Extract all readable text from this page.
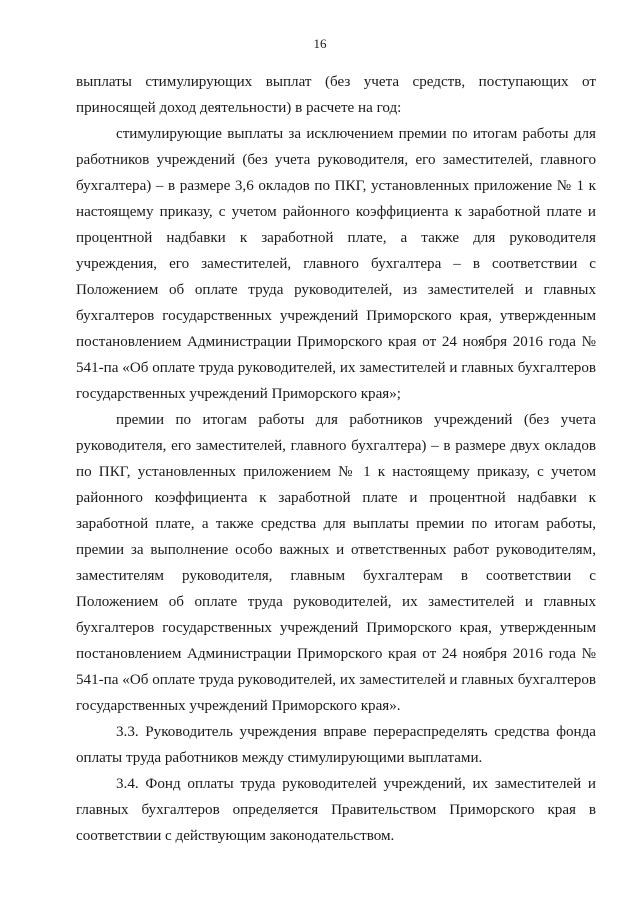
16

выплаты стимулирующих выплат (без учета средств, поступающих от приносящей доход деятельности) в расчете на год:

стимулирующие выплаты за исключением премии по итогам работы для работников учреждений (без учета руководителя, его заместителей, главного бухгалтера) – в размере 3,6 окладов по ПКГ, установленных приложение № 1 к настоящему приказу, с учетом районного коэффициента к заработной плате и процентной надбавки к заработной плате, а также для руководителя учреждения, его заместителей, главного бухгалтера – в соответствии с Положением об оплате труда руководителей, из заместителей и главных бухгалтеров государственных учреждений Приморского края, утвержденным постановлением Администрации Приморского края от 24 ноября 2016 года № 541-па «Об оплате труда руководителей, их заместителей и главных бухгалтеров государственных учреждений Приморского края»;

премии по итогам работы для работников учреждений (без учета руководителя, его заместителей, главного бухгалтера) – в размере двух окладов по ПКГ, установленных приложением № 1 к настоящему приказу, с учетом районного коэффициента к заработной плате и процентной надбавки к заработной плате, а также средства для выплаты премии по итогам работы, премии за выполнение особо важных и ответственных работ руководителям, заместителям руководителя, главным бухгалтерам в соответствии с Положением об оплате труда руководителей, их заместителей и главных бухгалтеров государственных учреждений Приморского края, утвержденным постановлением Администрации Приморского края от 24 ноября 2016 года № 541-па «Об оплате труда руководителей, их заместителей и главных бухгалтеров государственных учреждений Приморского края».

3.3. Руководитель учреждения вправе перераспределять средства фонда оплаты труда работников между стимулирующими выплатами.

3.4. Фонд оплаты труда руководителей учреждений, их заместителей и главных бухгалтеров определяется Правительством Приморского края в соответствии с действующим законодательством.
